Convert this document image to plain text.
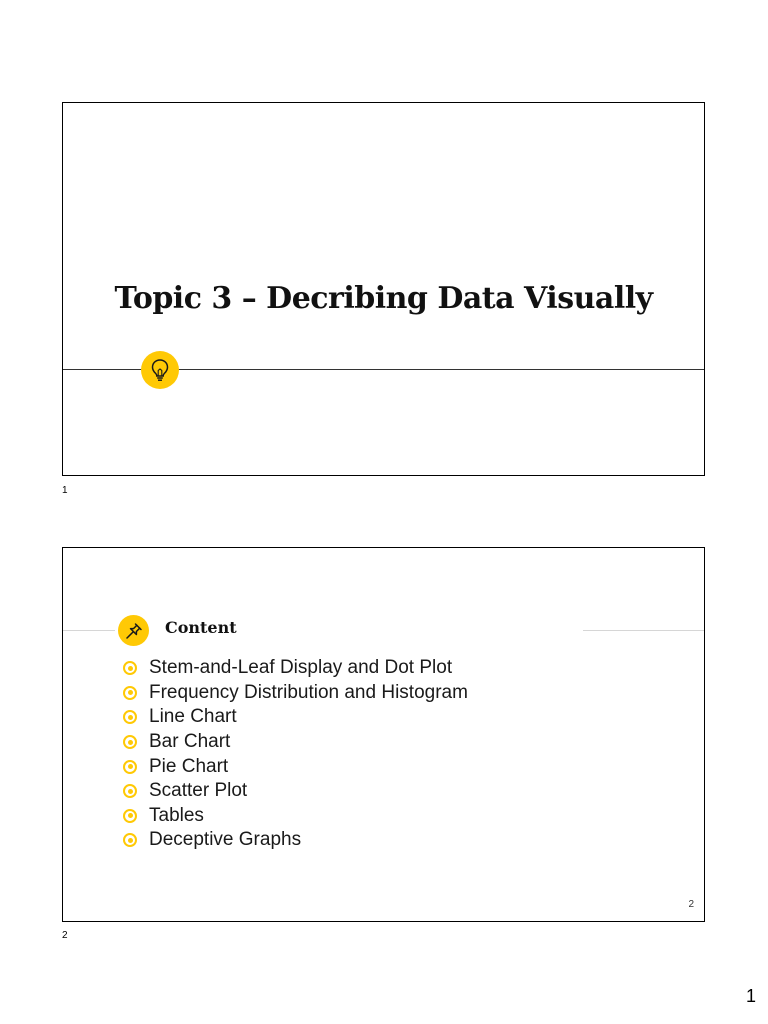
Topic 3 – Decribing Data Visually
1
Content
Stem-and-Leaf Display and Dot Plot
Frequency Distribution and Histogram
Line Chart
Bar Chart
Pie Chart
Scatter Plot
Tables
Deceptive Graphs
2
2
1
